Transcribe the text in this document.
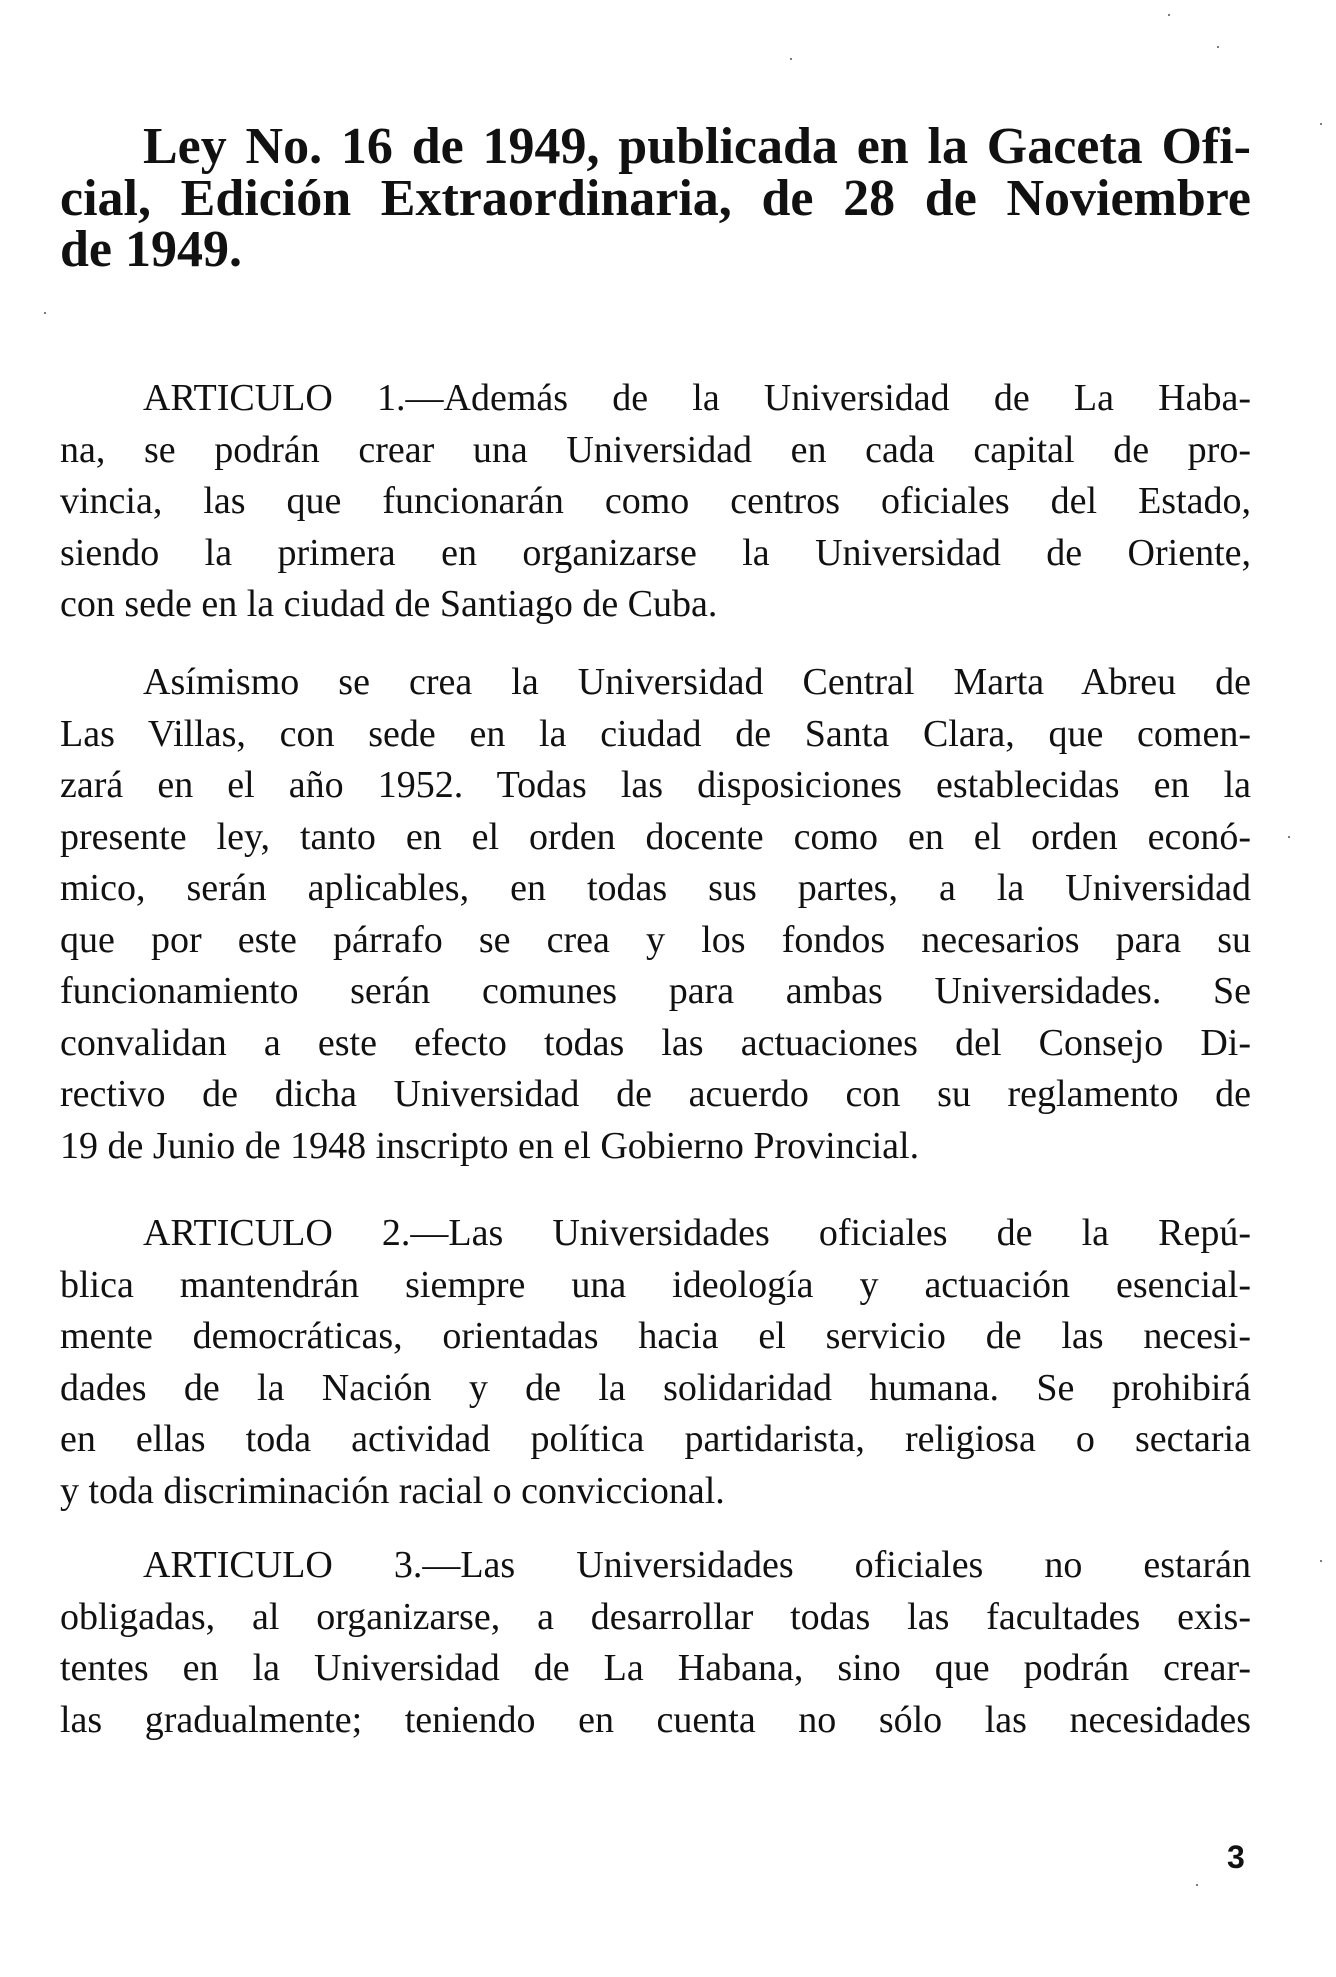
Ley No. 16 de 1949, publicada en la Gaceta Ofi-
cial, Edición Extraordinaria, de 28 de Noviembre
de 1949.
ARTICULO 1.—Además de la Universidad de La Haba-
na, se podrán crear una Universidad en cada capital de pro-
vincia, las que funcionarán como centros oficiales del Estado,
siendo la primera en organizarse la Universidad de Oriente,
con sede en la ciudad de Santiago de Cuba.
Asímismo se crea la Universidad Central Marta Abreu de
Las Villas, con sede en la ciudad de Santa Clara, que comen-
zará en el año 1952. Todas las disposiciones establecidas en la
presente ley, tanto en el orden docente como en el orden econó-
mico, serán aplicables, en todas sus partes, a la Universidad
que por este párrafo se crea y los fondos necesarios para su
funcionamiento serán comunes para ambas Universidades. Se
convalidan a este efecto todas las actuaciones del Consejo Di-
rectivo de dicha Universidad de acuerdo con su reglamento de
19 de Junio de 1948 inscripto en el Gobierno Provincial.
ARTICULO 2.—Las Universidades oficiales de la Repú-
blica mantendrán siempre una ideología y actuación esencial-
mente democráticas, orientadas hacia el servicio de las necesi-
dades de la Nación y de la solidaridad humana. Se prohibirá
en ellas toda actividad política partidarista, religiosa o sectaria
y toda discriminación racial o conviccional.
ARTICULO 3.—Las Universidades oficiales no estarán
obligadas, al organizarse, a desarrollar todas las facultades exis-
tentes en la Universidad de La Habana, sino que podrán crear-
las gradualmente; teniendo en cuenta no sólo las necesidades
3
